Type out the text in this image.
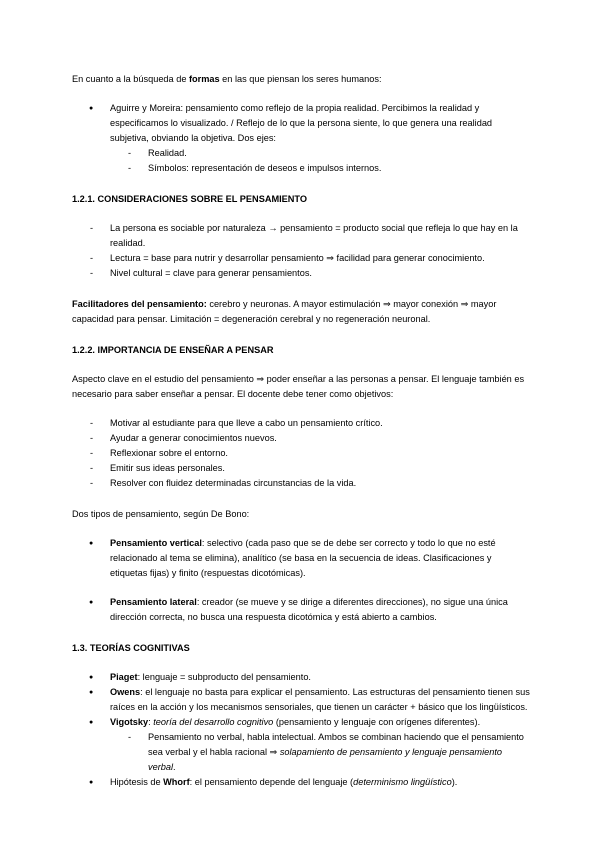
En cuanto a la búsqueda de formas en las que piensan los seres humanos:

● Aguirre y Moreira: pensamiento como reflejo de la propia realidad. Percibimos la realidad y especificamos lo visualizado. / Reflejo de lo que la persona siente, lo que genera una realidad subjetiva, obviando la objetiva. Dos ejes:
- Realidad.
- Símbolos: representación de deseos e impulsos internos.
1.2.1. CONSIDERACIONES SOBRE EL PENSAMIENTO
- La persona es sociable por naturaleza → pensamiento = producto social que refleja lo que hay en la realidad.
- Lectura = base para nutrir y desarrollar pensamiento ⇒ facilidad para generar conocimiento.
- Nivel cultural = clave para generar pensamientos.

Facilitadores del pensamiento: cerebro y neuronas. A mayor estimulación ⇒ mayor conexión ⇒ mayor capacidad para pensar. Limitación = degeneración cerebral y no regeneración neuronal.

1.2.2. IMPORTANCIA DE ENSEÑAR A PENSAR

Aspecto clave en el estudio del pensamiento ⇒ poder enseñar a las personas a pensar. El lenguaje también es necesario para saber enseñar a pensar. El docente debe tener como objetivos:

- Motivar al estudiante para que lleve a cabo un pensamiento crítico.
- Ayudar a generar conocimientos nuevos.
- Reflexionar sobre el entorno.
- Emitir sus ideas personales.
- Resolver con fluidez determinadas circunstancias de la vida.

Dos tipos de pensamiento, según De Bono:

● Pensamiento vertical: selectivo (cada paso que se de debe ser correcto y todo lo que no esté relacionado al tema se elimina), analítico (se basa en la secuencia de ideas. Clasificaciones y etiquetas fijas) y finito (respuestas dicotómicas).
● Pensamiento lateral: creador (se mueve y se dirige a diferentes direcciones), no sigue una única dirección correcta, no busca una respuesta dicotómica y está abierto a cambios.
1.3. TEORÍAS COGNITIVAS
● Piaget: lenguaje = subproducto del pensamiento.
● Owens: el lenguaje no basta para explicar el pensamiento. Las estructuras del pensamiento tienen sus raíces en la acción y los mecanismos sensoriales, que tienen un carácter + básico que los lingüísticos.
● Vigotsky: teoría del desarrollo cognitivo (pensamiento y lenguaje con orígenes diferentes).
- Pensamiento no verbal, habla intelectual. Ambos se combinan haciendo que el pensamiento sea verbal y el habla racional ⇒ solapamiento de pensamiento y lenguaje pensamiento verbal.
● Hipótesis de Whorf: el pensamiento depende del lenguaje (determinismo lingüístico).
